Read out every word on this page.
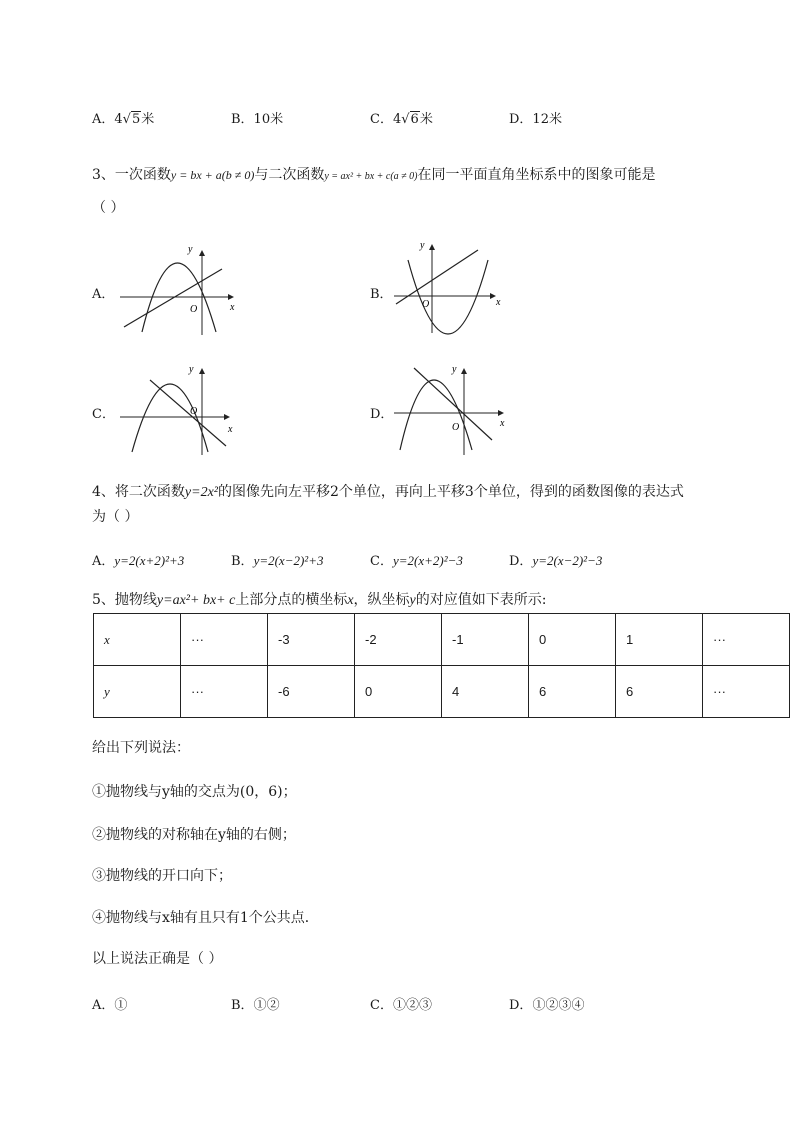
A．4√5米	B．10米	C．4√6米	D．12米
3、一次函数y = bx + a(b ≠ 0)与二次函数y = ax² + bx + c(a ≠ 0)在同一平面直角坐标系中的图象可能是
（ ）
A．
O	x
y
B．
O	x
y
C．	O
x
y
D．
O	x
y
4、将二次函数y=2x²的图像先向左平移2个单位，再向上平移3个单位，得到的函数图像的表达式
为（ ）
A．y=2(x+2)²+3	B．y=2(x−2)²+3	C．y=2(x+2)²−3	D．y=2(x−2)²−3
5、抛物线y=ax²+ bx+ c上部分点的横坐标x，纵坐标y的对应值如下表所示:
x	···	-3	-2	-1	0	1	···
y	···	-6	0	4	6	6	···
给出下列说法：
①抛物线与y轴的交点为(0，6)；
②抛物线的对称轴在y轴的右侧；
③抛物线的开口向下；
④抛物线与x轴有且只有1个公共点．
以上说法正确是（ ）
A．①	B．①②	C．①②③	D．①②③④
